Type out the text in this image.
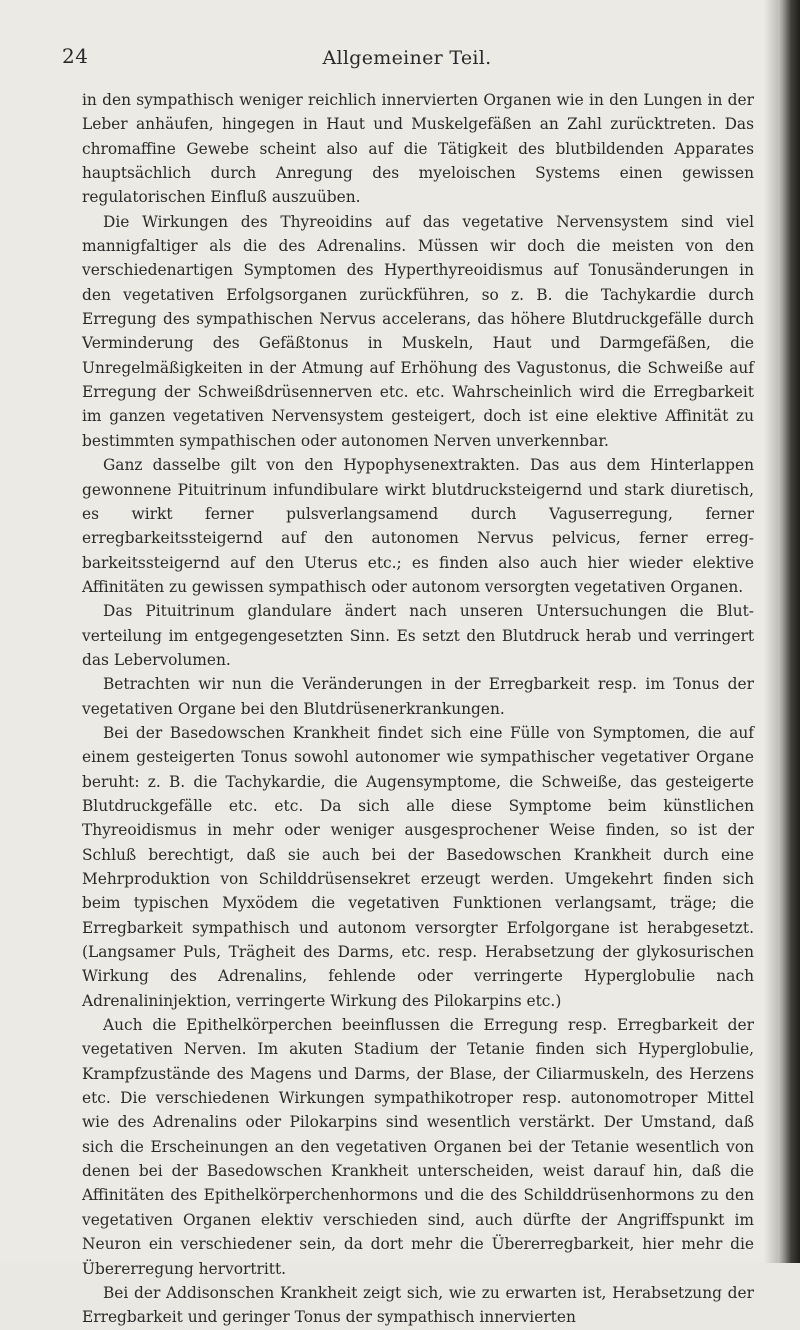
24	Allgemeiner Teil.

in den sympathisch weniger reichlich innervierten Organen wie in den Lungen in der Leber anhäufen, hingegen in Haut und Muskelgefäßen an Zahl zurücktreten. Das chromaffine Gewebe scheint also auf die Tätigkeit des blutbildenden Apparates hauptsächlich durch Anregung des myeloischen Systems einen gewissen regulatorischen Einfluß auszuüben.

Die Wirkungen des Thyreoidins auf das vegetative Nervensystem sind viel mannigfaltiger als die des Adrenalins. Müssen wir doch die meisten von den verschiedenartigen Symptomen des Hyperthyreoidismus auf Tonusänderungen in den vegetativen Erfolgsorganen zurückführen, so z. B. die Tachykardie durch Erregung des sympathischen Nervus accelerans, das höhere Blutdruckgefälle durch Verminderung des Gefäßtonus in Muskeln, Haut und Darmgefäßen, die Unregelmäßigkeiten in der Atmung auf Erhöhung des Vagustonus, die Schweiße auf Erregung der Schweißdrüsennerven etc. etc. Wahrscheinlich wird die Erregbarkeit im ganzen vegetativen Nervensystem gesteigert, doch ist eine elektive Affinität zu bestimmten sympathischen oder autonomen Nerven unverkennbar.

Ganz dasselbe gilt von den Hypophysenextrakten. Das aus dem Hinterlappen gewonnene Pituitrinum infundibulare wirkt blutdrucksteigernd und stark diuretisch, es wirkt ferner pulsverlangsamend durch Vaguserregung, ferner erregbarkeitssteigernd auf den autonomen Nervus pelvicus, ferner erregbarkeitssteigernd auf den Uterus etc.; es finden also auch hier wieder elektive Affinitäten zu gewissen sympathisch oder autonom versorgten vegetativen Organen.

Das Pituitrinum glandulare ändert nach unseren Untersuchungen die Blutverteilung im entgegengesetzten Sinn. Es setzt den Blutdruck herab und verringert das Lebervolumen.

Betrachten wir nun die Veränderungen in der Erregbarkeit resp. im Tonus der vegetativen Organe bei den Blutdrüsenerkrankungen.

Bei der Basedowschen Krankheit findet sich eine Fülle von Symptomen, die auf einem gesteigerten Tonus sowohl autonomer wie sympathischer vegetativer Organe beruht: z. B. die Tachykardie, die Augensymptome, die Schweiße, das gesteigerte Blutdruckgefälle etc. etc. Da sich alle diese Symptome beim künstlichen Thyreoidismus in mehr oder weniger ausgesprochener Weise finden, so ist der Schluß berechtigt, daß sie auch bei der Basedowschen Krankheit durch eine Mehrproduktion von Schilddrüsensekret erzeugt werden. Umgekehrt finden sich beim typischen Myxödem die vegetativen Funktionen verlangsamt, träge; die Erregbarkeit sympathisch und autonom versorgter Erfolgorgane ist herabgesetzt. (Langsamer Puls, Trägheit des Darms, etc. resp. Herabsetzung der glykosurischen Wirkung des Adrenalins, fehlende oder verringerte Hyperglobulie nach Adrenalininjektion, verringerte Wirkung des Pilokarpins etc.)

Auch die Epithelkörperchen beeinflussen die Erregung resp. Erregbarkeit der vegetativen Nerven. Im akuten Stadium der Tetanie finden sich Hyperglobulie, Krampfzustände des Magens und Darms, der Blase, der Ciliarmuskeln, des Herzens etc. Die verschiedenen Wirkungen sympathikotroper resp. autonomotroper Mittel wie des Adrenalins oder Pilokarpins sind wesentlich verstärkt. Der Umstand, daß sich die Erscheinungen an den vegetativen Organen bei der Tetanie wesentlich von denen bei der Basedowschen Krankheit unterscheiden, weist darauf hin, daß die Affinitäten des Epithelkörperchenhormons und die des Schilddrüsenhormons zu den vegetativen Organen elektiv verschieden sind, auch dürfte der Angriffspunkt im Neuron ein verschiedener sein, da dort mehr die Übererregbarkeit, hier mehr die Übererregung hervortritt.

Bei der Addisonschen Krankheit zeigt sich, wie zu erwarten ist, Herabsetzung der Erregbarkeit und geringer Tonus der sympathisch innervierten
